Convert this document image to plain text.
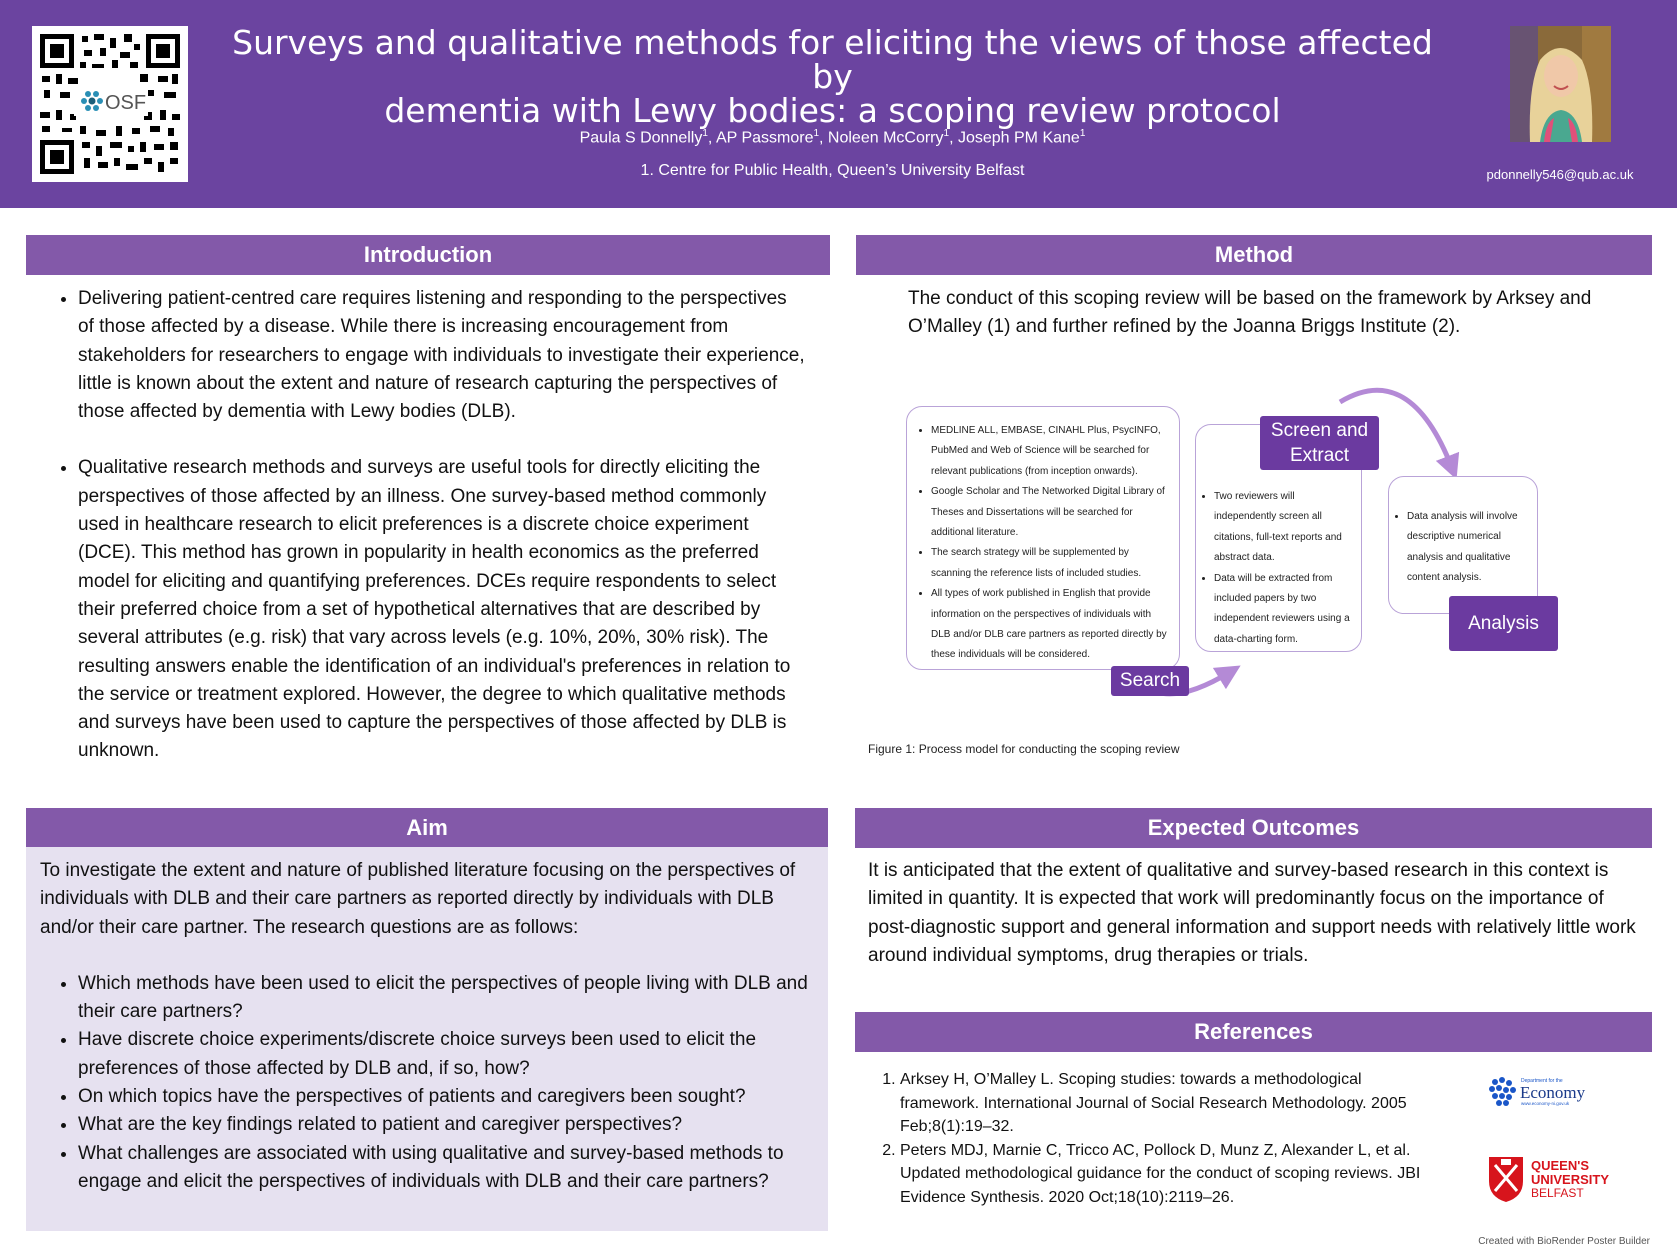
OSF
Surveys and qualitative methods for eliciting the views of those affected by
dementia with Lewy bodies: a scoping review protocol
Paula S Donnelly$^1$, AP Passmore$^1$, Noleen McCorry$^1$, Joseph PM Kane$^1$
1. Centre for Public Health, Queen’s University Belfast	pdonnelly546@qub.ac.uk
Introduction
• Delivering patient-centred care requires listening and responding to the perspectives of those affected by a disease. While there is increasing encouragement from stakeholders for researchers to engage with individuals to investigate their experience, little is known about the extent and nature of research capturing the perspectives of those affected by dementia with Lewy bodies (DLB).
• Qualitative research methods and surveys are useful tools for directly eliciting the perspectives of those affected by an illness. One survey-based method commonly used in healthcare research to elicit preferences is a discrete choice experiment (DCE). This method has grown in popularity in health economics as the preferred model for eliciting and quantifying preferences. DCEs require respondents to select their preferred choice from a set of hypothetical alternatives that are described by several attributes (e.g. risk) that vary across levels (e.g. 10%, 20%, 30% risk). The resulting answers enable the identification of an individual's preferences in relation to the service or treatment explored. However, the degree to which qualitative methods and surveys have been used to capture the perspectives of those affected by DLB is unknown.
Method
The conduct of this scoping review will be based on the framework by Arksey and O’Malley (1) and further refined by the Joanna Briggs Institute (2).
• MEDLINE ALL, EMBASE, CINAHL Plus, PsycINFO, PubMed and Web of Science will be searched for relevant publications (from inception onwards).
• Google Scholar and The Networked Digital Library of Theses and Dissertations will be searched for additional literature.
• The search strategy will be supplemented by scanning the reference lists of included studies.
• All types of work published in English that provide information on the perspectives of individuals with DLB and/or DLB care partners as reported directly by these individuals will be considered.
Search
• Two reviewers will independently screen all citations, full-text reports and abstract data.
• Data will be extracted from included papers by two independent reviewers using a data-charting form.
Screen and
Extract
• Data analysis will involve descriptive numerical analysis and qualitative content analysis.
Analysis
Figure 1: Process model for conducting the scoping review
Aim

To investigate the extent and nature of published literature focusing on the perspectives of individuals with DLB and their care partners as reported directly by individuals with DLB and/or their care partner. The research questions are as follows:

• Which methods have been used to elicit the perspectives of people living with DLB and their care partners?
• Have discrete choice experiments/discrete choice surveys been used to elicit the preferences of those affected by DLB and, if so, how?
• On which topics have the perspectives of patients and caregivers been sought?
• What are the key findings related to patient and caregiver perspectives?
• What challenges are associated with using qualitative and survey-based methods to engage and elicit the perspectives of individuals with DLB and their care partners?
Expected Outcomes
It is anticipated that the extent of qualitative and survey-based research in this context is limited in quantity. It is expected that work will predominantly focus on the importance of post-diagnostic support and general information and support needs with relatively little work around individual symptoms, drug therapies or trials.
References
1. Arksey H, O’Malley L. Scoping studies: towards a methodological framework. International Journal of Social Research Methodology. 2005 Feb;8(1):19–32.
2. Peters MDJ, Marnie C, Tricco AC, Pollock D, Munz Z, Alexander L, et al. Updated methodological guidance for the conduct of scoping reviews. JBI Evidence Synthesis. 2020 Oct;18(10):2119–26.
Department for the
Economy
www.economy-ni.gov.uk
QUEEN'S
UNIVERSITY
BELFAST
Created with BioRender Poster Builder
